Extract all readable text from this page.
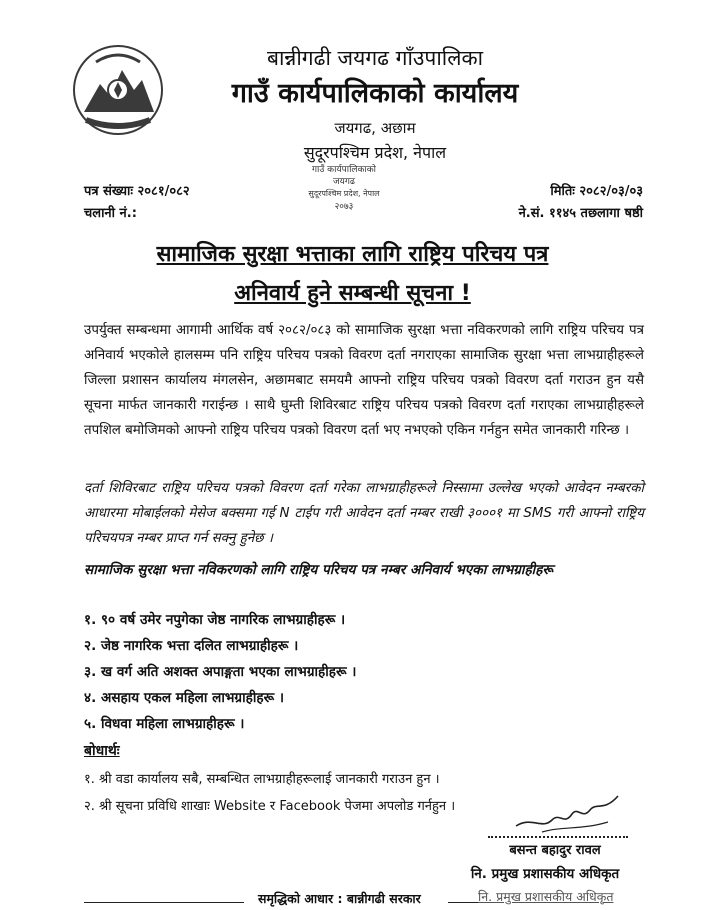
बान्नीगढी जयगढ गाँउपालिका
गाउँ कार्यपालिकाको कार्यालय
जयगढ, अछाम
सुदूरपश्चिम प्रदेश, नेपाल
गाउँ कार्यपालिकाको
जयगढ
सुदूरपश्चिम प्रदेश, नेपाल
२०७३
पत्र संख्याः २०८१/०८२
चलानी नं.:
मितिः २०८२/०३/०३
ने.सं. ११४५ तछलागा षष्ठी
सामाजिक सुरक्षा भत्ताका लागि राष्ट्रिय परिचय पत्र
अनिवार्य हुने सम्बन्धी सूचना !
उपर्युक्त सम्बन्धमा आगामी आर्थिक वर्ष २०८२/०८३ को सामाजिक सुरक्षा भत्ता नविकरणको लागि राष्ट्रिय परिचय पत्र अनिवार्य भएकोले हालसम्म पनि राष्ट्रिय परिचय पत्रको विवरण दर्ता नगराएका सामाजिक सुरक्षा भत्ता लाभग्राहीहरूले जिल्ला प्रशासन कार्यालय मंगलसेन, अछामबाट समयमै आफ्नो राष्ट्रिय परिचय पत्रको विवरण दर्ता गराउन हुन यसै सूचना मार्फत जानकारी गराईन्छ । साथै घुम्ती शिविरबाट राष्ट्रिय परिचय पत्रको विवरण दर्ता गराएका लाभग्राहीहरूले तपशिल बमोजिमको आफ्नो राष्ट्रिय परिचय पत्रको विवरण दर्ता भए नभएको एकिन गर्नहुन समेत जानकारी गरिन्छ ।
दर्ता शिविरबाट राष्ट्रिय परिचय पत्रको विवरण दर्ता गरेका लाभग्राहीहरूले निस्सामा उल्लेख भएको आवेदन नम्बरको आधारमा मोबाईलको मेसेज बक्समा गई N टाईप गरी आवेदन दर्ता नम्बर राखी ३०००१ मा SMS गरी आफ्नो राष्ट्रिय परिचयपत्र नम्बर प्राप्त गर्न सक्नु हुनेछ ।
सामाजिक सुरक्षा भत्ता नविकरणको लागि राष्ट्रिय परिचय पत्र नम्बर अनिवार्य भएका लाभग्राहीहरू
१. ९० वर्ष उमेर नपुगेका जेष्ठ नागरिक लाभग्राहीहरू ।
२. जेष्ठ नागरिक भत्ता दलित लाभग्राहीहरू ।
३. ख वर्ग अति अशक्त अपाङ्गता भएका लाभग्राहीहरू ।
४. असहाय एकल महिला लाभग्राहीहरू ।
५. विधवा महिला लाभग्राहीहरू ।
बोधार्थः
१. श्री वडा कार्यालय सबै, सम्बन्धित लाभग्राहीहरूलाई जानकारी गराउन हुन ।
२. श्री सूचना प्रविधि शाखाः Website र Facebook पेजमा अपलोड गर्नहुन ।
बसन्त बहादुर रावल
नि. प्रमुख प्रशासकीय अधिकृत
समृद्धिको आधार : बान्नीगढी सरकार	नि. प्रमुख प्रशासकीय अधिकृत
